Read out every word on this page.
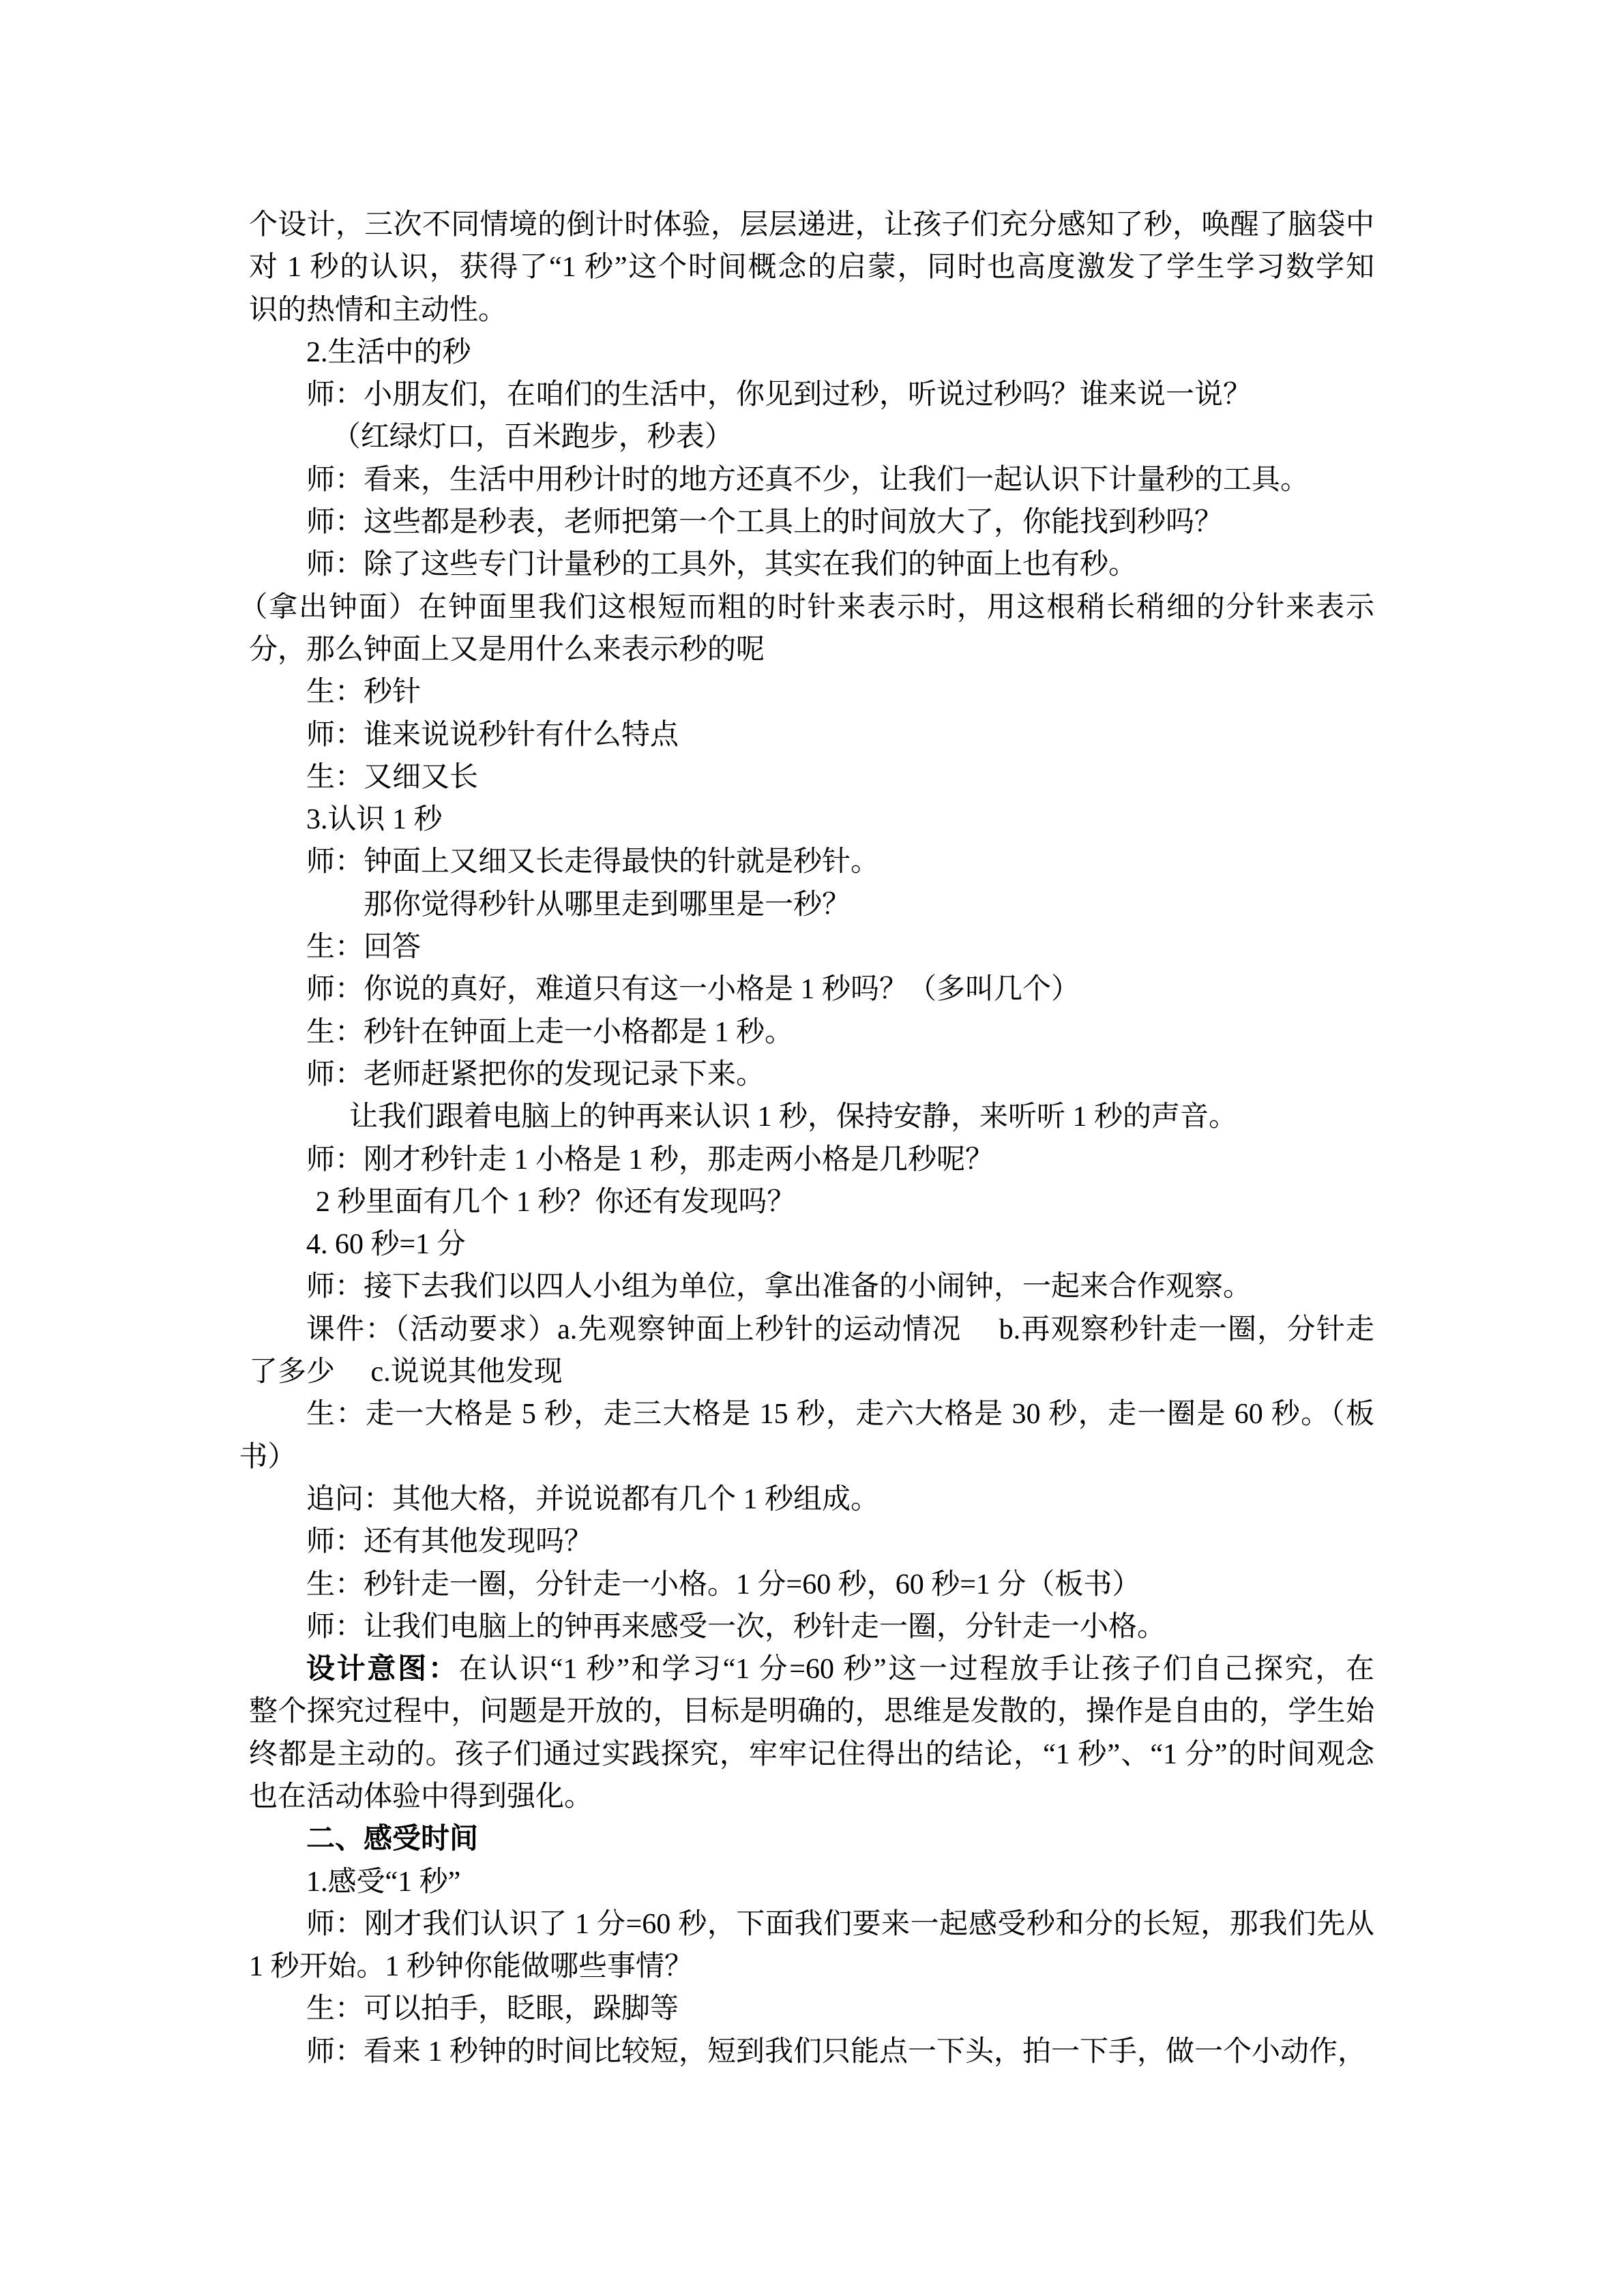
个设计，三次不同情境的倒计时体验，层层递进，让孩子们充分感知了秒，唤醒了脑袋中
对 1 秒的认识，获得了“1 秒”这个时间概念的启蒙，同时也高度激发了学生学习数学知
识的热情和主动性。
2.生活中的秒
师：小朋友们，在咱们的生活中，你见到过秒，听说过秒吗？谁来说一说？
（红绿灯口，百米跑步，秒表）
师：看来，生活中用秒计时的地方还真不少，让我们一起认识下计量秒的工具。
师：这些都是秒表，老师把第一个工具上的时间放大了，你能找到秒吗？
师：除了这些专门计量秒的工具外，其实在我们的钟面上也有秒。
（拿出钟面）在钟面里我们这根短而粗的时针来表示时，用这根稍长稍细的分针来表示
分，那么钟面上又是用什么来表示秒的呢
生：秒针
师：谁来说说秒针有什么特点
生：又细又长
3.认识 1 秒
师：钟面上又细又长走得最快的针就是秒针。
那你觉得秒针从哪里走到哪里是一秒？
生：回答
师：你说的真好，难道只有这一小格是 1 秒吗？（多叫几个）
生：秒针在钟面上走一小格都是 1 秒。
师：老师赶紧把你的发现记录下来。
让我们跟着电脑上的钟再来认识 1 秒，保持安静，来听听 1 秒的声音。
师：刚才秒针走 1 小格是 1 秒，那走两小格是几秒呢？
2 秒里面有几个 1 秒？你还有发现吗？
4. 60 秒=1 分
师：接下去我们以四人小组为单位，拿出准备的小闹钟，一起来合作观察。
课件：（活动要求）a.先观察钟面上秒针的运动情况　 b.再观察秒针走一圈，分针走
了多少　 c.说说其他发现
生：走一大格是 5 秒，走三大格是 15 秒，走六大格是 30 秒，走一圈是 60 秒。（板
书）
追问：其他大格，并说说都有几个 1 秒组成。
师：还有其他发现吗？
生：秒针走一圈，分针走一小格。1 分=60 秒，60 秒=1 分（板书）
师：让我们电脑上的钟再来感受一次，秒针走一圈，分针走一小格。
设计意图：在认识“1 秒”和学习“1 分=60 秒”这一过程放手让孩子们自己探究，在
整个探究过程中，问题是开放的，目标是明确的，思维是发散的，操作是自由的，学生始
终都是主动的。孩子们通过实践探究，牢牢记住得出的结论，“1 秒”、“1 分”的时间观念
也在活动体验中得到强化。
二、感受时间
1.感受“1 秒”
师：刚才我们认识了 1 分=60 秒，下面我们要来一起感受秒和分的长短，那我们先从
1 秒开始。1 秒钟你能做哪些事情？
生：可以拍手，眨眼，跺脚等
师：看来 1 秒钟的时间比较短，短到我们只能点一下头，拍一下手，做一个小动作，
